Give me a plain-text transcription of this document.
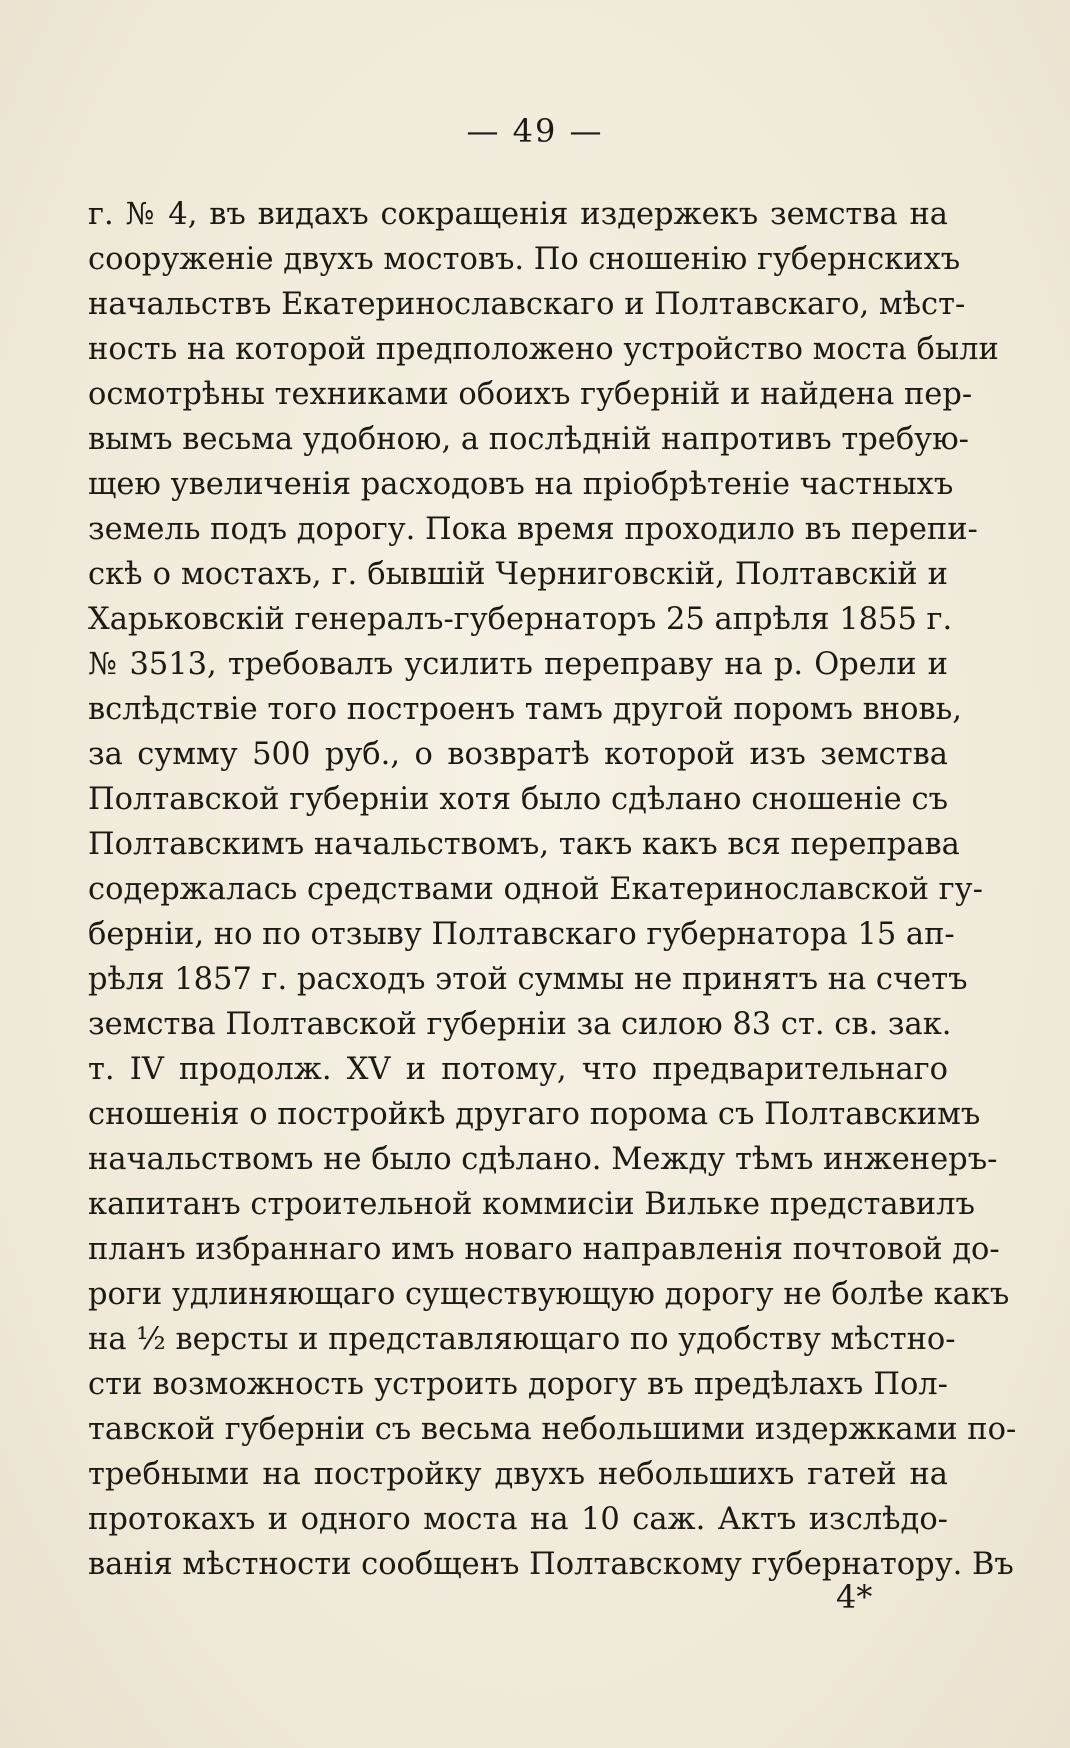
— 49 —
г. № 4, въ видахъ сокращенія издержекъ земства на
сооруженіе двухъ мостовъ. По сношенію губернскихъ
начальствъ Екатеринославскаго и Полтавскаго, мѣст-
ность на которой предположено устройство моста были
осмотрѣны техниками обоихъ губерній и найдена пер-
вымъ весьма удобною, а послѣдній напротивъ требую-
щею увеличенія расходовъ на пріобрѣтеніе частныхъ
земель подъ дорогу. Пока время проходило въ перепи-
скѣ о мостахъ, г. бывшій Черниговскій, Полтавскій и
Харьковскій генералъ-губернаторъ 25 апрѣля 1855 г.
№ 3513, требовалъ усилить переправу на р. Орели и
вслѣдствіе того построенъ тамъ другой поромъ вновь,
за сумму 500 руб., о возвратѣ которой изъ земства
Полтавской губерніи хотя было сдѣлано сношеніе съ
Полтавскимъ начальствомъ, такъ какъ вся переправа
содержалась средствами одной Екатеринославской гу-
берніи, но по отзыву Полтавскаго губернатора 15 ап-
рѣля 1857 г. расходъ этой суммы не принятъ на счетъ
земства Полтавской губерніи за силою 83 ст. св. зак.
т. IV продолж. XV и потому, что предварительнаго
сношенія о постройкѣ другаго порома съ Полтавскимъ
начальствомъ не было сдѣлано. Между тѣмъ инженеръ-
капитанъ строительной коммисіи Вильке представилъ
планъ избраннаго имъ новаго направленія почтовой до-
роги удлиняющаго существующую дорогу не болѣе какъ
на ½ версты и представляющаго по удобству мѣстно-
сти возможность устроить дорогу въ предѣлахъ Пол-
тавской губерніи съ весьма небольшими издержками по-
требными на постройку двухъ небольшихъ гатей на
протокахъ и одного моста на 10 саж. Актъ изслѣдо-
ванія мѣстности сообщенъ Полтавскому губернатору. Въ
4*
